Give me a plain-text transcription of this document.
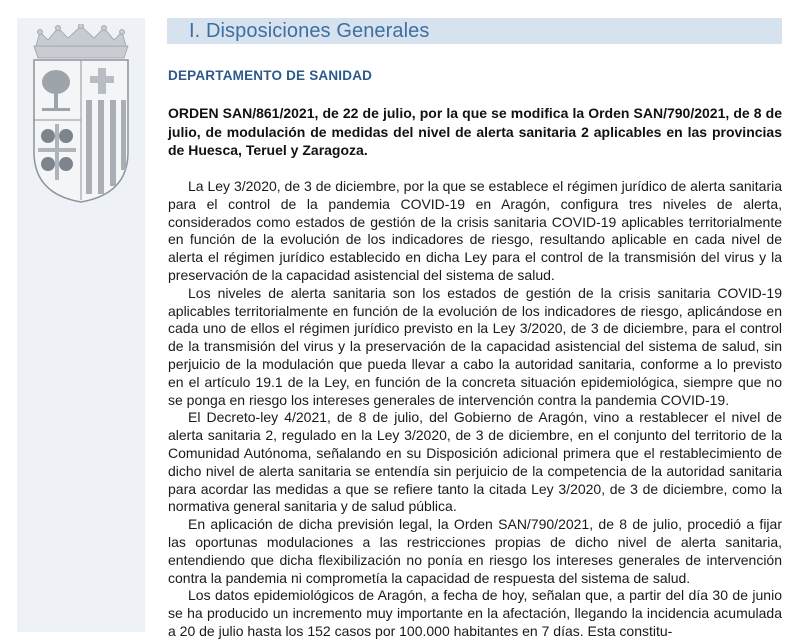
I. Disposiciones Generales
DEPARTAMENTO DE SANIDAD
ORDEN SAN/861/2021, de 22 de julio, por la que se modifica la Orden SAN/790/2021, de 8 de julio, de modulación de medidas del nivel de alerta sanitaria 2 aplicables en las provincias de Huesca, Teruel y Zaragoza.

La Ley 3/2020, de 3 de diciembre, por la que se establece el régimen jurídico de alerta sanitaria para el control de la pandemia COVID-19 en Aragón, configura tres niveles de alerta, considerados como estados de gestión de la crisis sanitaria COVID-19 aplicables territorialmente en función de la evolución de los indicadores de riesgo, resultando aplicable en cada nivel de alerta el régimen jurídico establecido en dicha Ley para el control de la transmisión del virus y la preservación de la capacidad asistencial del sistema de salud.

Los niveles de alerta sanitaria son los estados de gestión de la crisis sanitaria COVID-19 aplicables territorialmente en función de la evolución de los indicadores de riesgo, aplicándose en cada uno de ellos el régimen jurídico previsto en la Ley 3/2020, de 3 de diciembre, para el control de la transmisión del virus y la preservación de la capacidad asistencial del sistema de salud, sin perjuicio de la modulación que pueda llevar a cabo la autoridad sanitaria, conforme a lo previsto en el artículo 19.1 de la Ley, en función de la concreta situación epidemiológica, siempre que no se ponga en riesgo los intereses generales de intervención contra la pandemia COVID-19.

El Decreto-ley 4/2021, de 8 de julio, del Gobierno de Aragón, vino a restablecer el nivel de alerta sanitaria 2, regulado en la Ley 3/2020, de 3 de diciembre, en el conjunto del territorio de la Comunidad Autónoma, señalando en su Disposición adicional primera que el restablecimiento de dicho nivel de alerta sanitaria se entendía sin perjuicio de la competencia de la autoridad sanitaria para acordar las medidas a que se refiere tanto la citada Ley 3/2020, de 3 de diciembre, como la normativa general sanitaria y de salud pública.

En aplicación de dicha previsión legal, la Orden SAN/790/2021, de 8 de julio, procedió a fijar las oportunas modulaciones a las restricciones propias de dicho nivel de alerta sanitaria, entendiendo que dicha flexibilización no ponía en riesgo los intereses generales de intervención contra la pandemia ni comprometía la capacidad de respuesta del sistema de salud.

Los datos epidemiológicos de Aragón, a fecha de hoy, señalan que, a partir del día 30 de junio se ha producido un incremento muy importante en la afectación, llegando la incidencia acumulada a 20 de julio hasta los 152 casos por 100.000 habitantes en 7 días. Esta constitu-
